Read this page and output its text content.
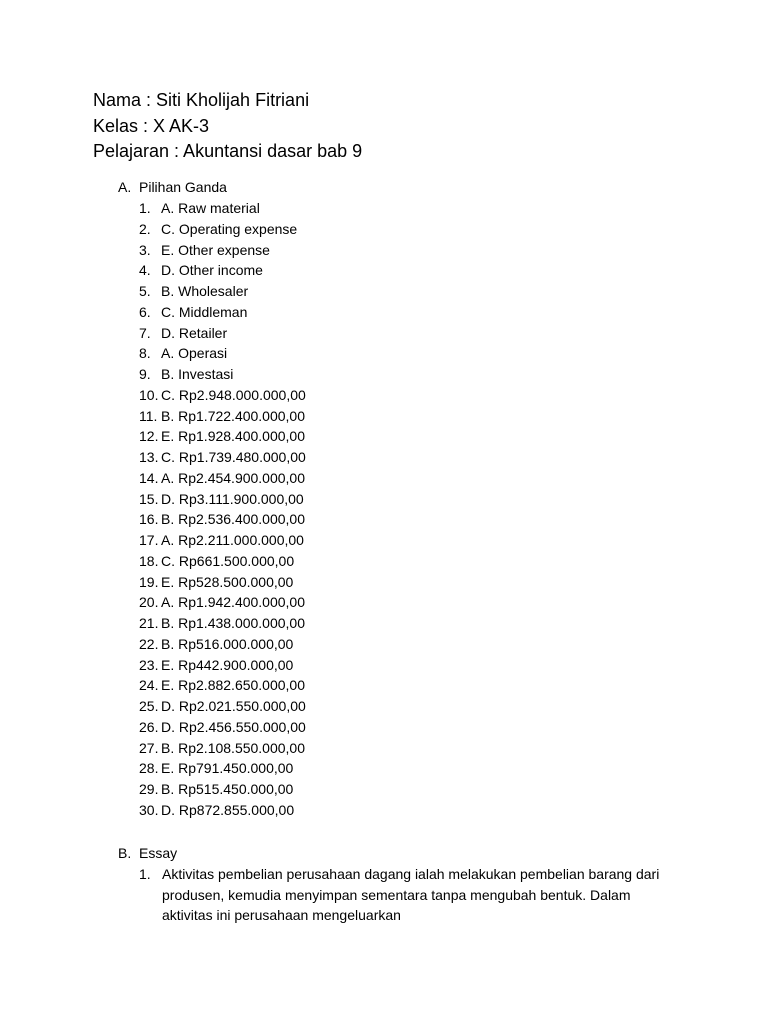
Nama : Siti Kholijah Fitriani
Kelas : X AK-3
Pelajaran : Akuntansi dasar bab 9
A. Pilihan Ganda
1. A. Raw material
2. C. Operating expense
3. E. Other expense
4. D. Other income
5. B. Wholesaler
6. C. Middleman
7. D. Retailer
8. A. Operasi
9. B. Investasi
10. C. Rp2.948.000.000,00
11. B. Rp1.722.400.000,00
12. E. Rp1.928.400.000,00
13. C. Rp1.739.480.000,00
14. A. Rp2.454.900.000,00
15. D. Rp3.111.900.000,00
16. B. Rp2.536.400.000,00
17. A. Rp2.211.000.000,00
18. C. Rp661.500.000,00
19. E. Rp528.500.000,00
20. A. Rp1.942.400.000,00
21. B. Rp1.438.000.000,00
22. B. Rp516.000.000,00
23. E. Rp442.900.000,00
24. E. Rp2.882.650.000,00
25. D. Rp2.021.550.000,00
26. D. Rp2.456.550.000,00
27. B. Rp2.108.550.000,00
28. E. Rp791.450.000,00
29. B. Rp515.450.000,00
30. D. Rp872.855.000,00
B. Essay
1. Aktivitas pembelian perusahaan dagang ialah melakukan pembelian barang dari produsen, kemudia menyimpan sementara tanpa mengubah bentuk. Dalam aktivitas ini perusahaan mengeluarkan
